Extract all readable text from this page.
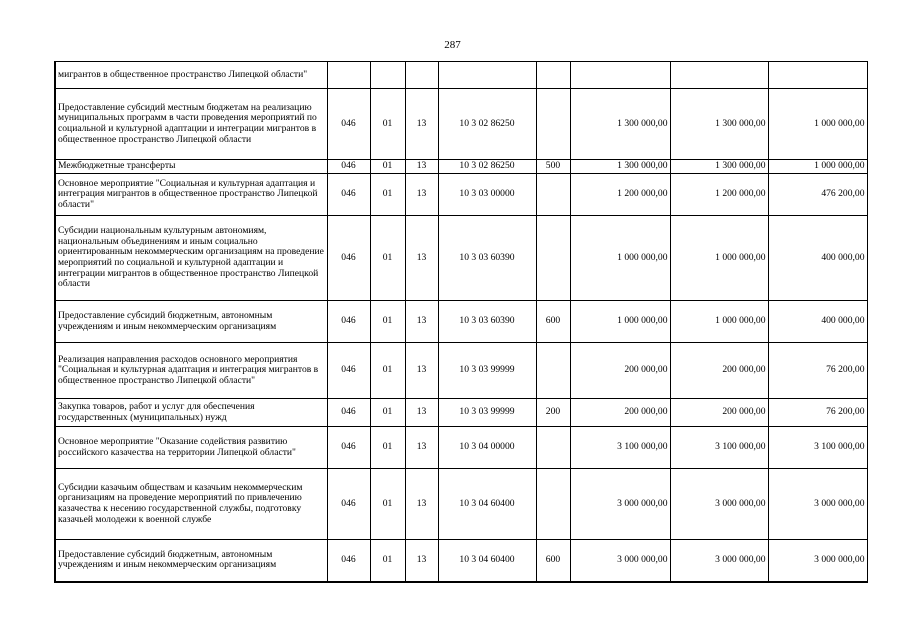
287
мигрантов в общественное пространство Липецкой области"								
Предоставление субсидий местным бюджетам на реализацию муниципальных программ в части проведения мероприятий по социальной и культурной адаптации и интеграции мигрантов в общественное пространство Липецкой области	046	01	13	10 3 02 86250		1 300 000,00	1 300 000,00	1 000 000,00
Межбюджетные трансферты	046	01	13	10 3 02 86250	500	1 300 000,00	1 300 000,00	1 000 000,00
Основное мероприятие "Социальная и культурная адаптация и интеграция мигрантов в общественное пространство Липецкой области"	046	01	13	10 3 03 00000		1 200 000,00	1 200 000,00	476 200,00
Субсидии национальным культурным автономиям, национальным объединениям и иным социально ориентированным некоммерческим организациям на проведение мероприятий по социальной и культурной адаптации и интеграции мигрантов в общественное пространство Липецкой области	046	01	13	10 3 03 60390		1 000 000,00	1 000 000,00	400 000,00
Предоставление субсидий бюджетным, автономным учреждениям и иным некоммерческим организациям	046	01	13	10 3 03 60390	600	1 000 000,00	1 000 000,00	400 000,00
Реализация направления расходов основного мероприятия "Социальная и культурная адаптация и интеграция мигрантов в общественное пространство Липецкой области"	046	01	13	10 3 03 99999		200 000,00	200 000,00	76 200,00
Закупка товаров, работ и услуг для обеспечения государственных (муниципальных) нужд	046	01	13	10 3 03 99999	200	200 000,00	200 000,00	76 200,00
Основное мероприятие "Оказание содействия развитию российского казачества на территории Липецкой области"	046	01	13	10 3 04 00000		3 100 000,00	3 100 000,00	3 100 000,00
Субсидии казачьим обществам и казачьим некоммерческим организациям на проведение мероприятий по привлечению казачества к несению государственной службы, подготовку казачьей молодежи к военной службе	046	01	13	10 3 04 60400		3 000 000,00	3 000 000,00	3 000 000,00
Предоставление субсидий бюджетным, автономным учреждениям и иным некоммерческим организациям	046	01	13	10 3 04 60400	600	3 000 000,00	3 000 000,00	3 000 000,00
